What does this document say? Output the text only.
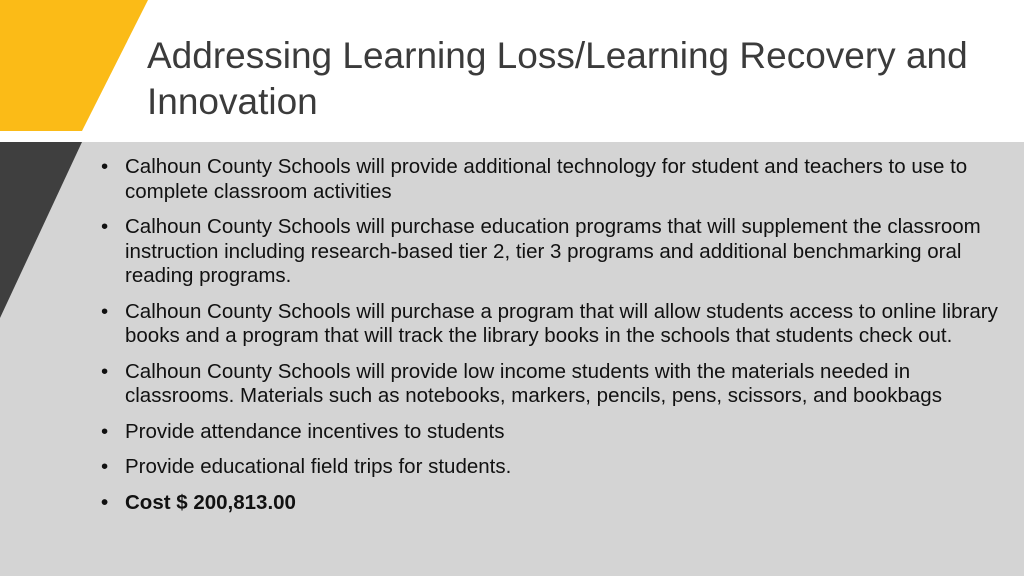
Addressing Learning Loss/Learning Recovery and Innovation
• Calhoun County Schools will provide additional technology for student and teachers to use to complete classroom activities
• Calhoun County Schools will purchase education programs that will supplement the classroom instruction including research-based tier 2, tier 3 programs and additional benchmarking oral reading programs.
• Calhoun County Schools will purchase a program that will allow students access to online library books and a program that will track the library books in the schools that students check out.
• Calhoun County Schools will provide low income students with the materials needed in classrooms. Materials such as notebooks, markers, pencils, pens, scissors, and bookbags
• Provide attendance incentives to students
• Provide educational field trips for students.
• Cost $ 200,813.00
